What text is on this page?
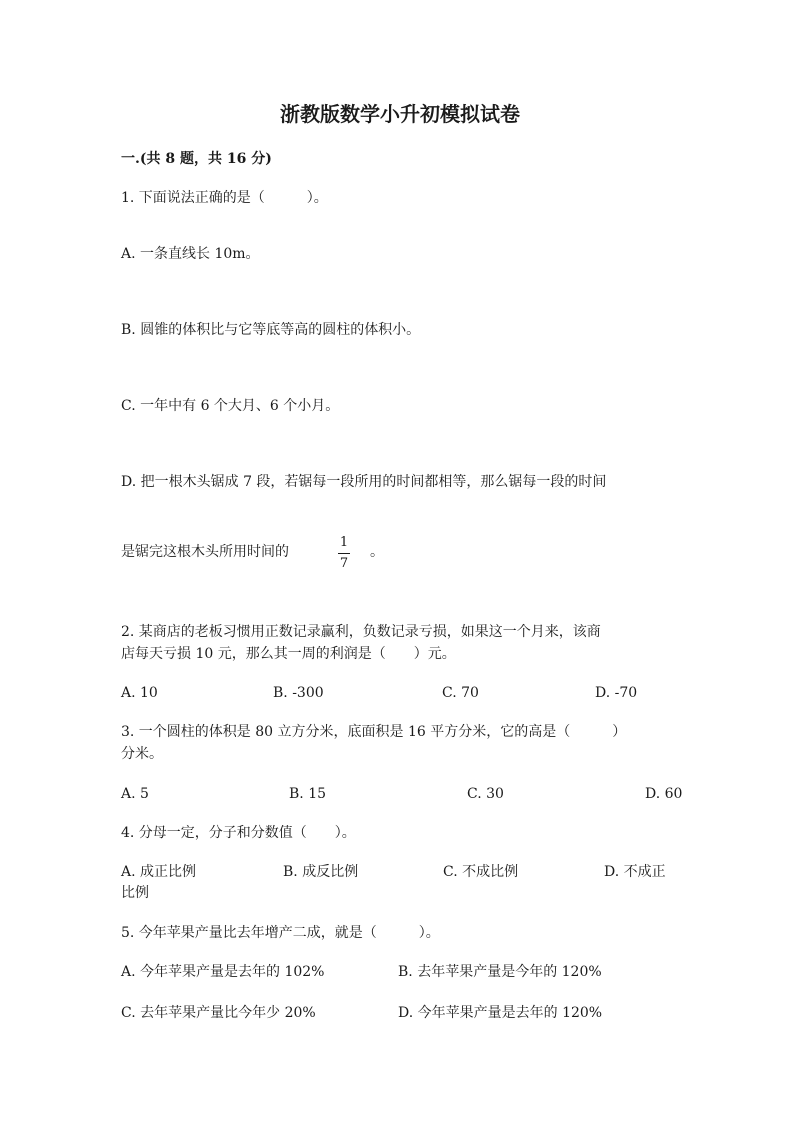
浙教版数学小升初模拟试卷
一.(共 8 题，共 16 分)
1. 下面说法正确的是（　　　）。
A. 一条直线长 10m。
B. 圆锥的体积比与它等底等高的圆柱的体积小。
C. 一年中有 6 个大月、6 个小月。
D. 把一根木头锯成 7 段，若锯每一段所用的时间都相等，那么锯每一段的时间
是锯完这根木头所用时间的
1
7
。
2. 某商店的老板习惯用正数记录赢利，负数记录亏损，如果这一个月来，该商
店每天亏损 10 元，那么其一周的利润是（　　）元。
A. 10	B. -300	C. 70	D. -70
3. 一个圆柱的体积是 80 立方分米，底面积是 16 平方分米，它的高是（　　　）
分米。
A. 5	B. 15	C. 30	D. 60
4. 分母一定，分子和分数值（　　）。
A. 成正比例	B. 成反比例	C. 不成比例	D. 不成正
比例
5. 今年苹果产量比去年增产二成，就是（　　　）。
A. 今年苹果产量是去年的 102%	B. 去年苹果产量是今年的 120%
C. 去年苹果产量比今年少 20%	D. 今年苹果产量是去年的 120%
